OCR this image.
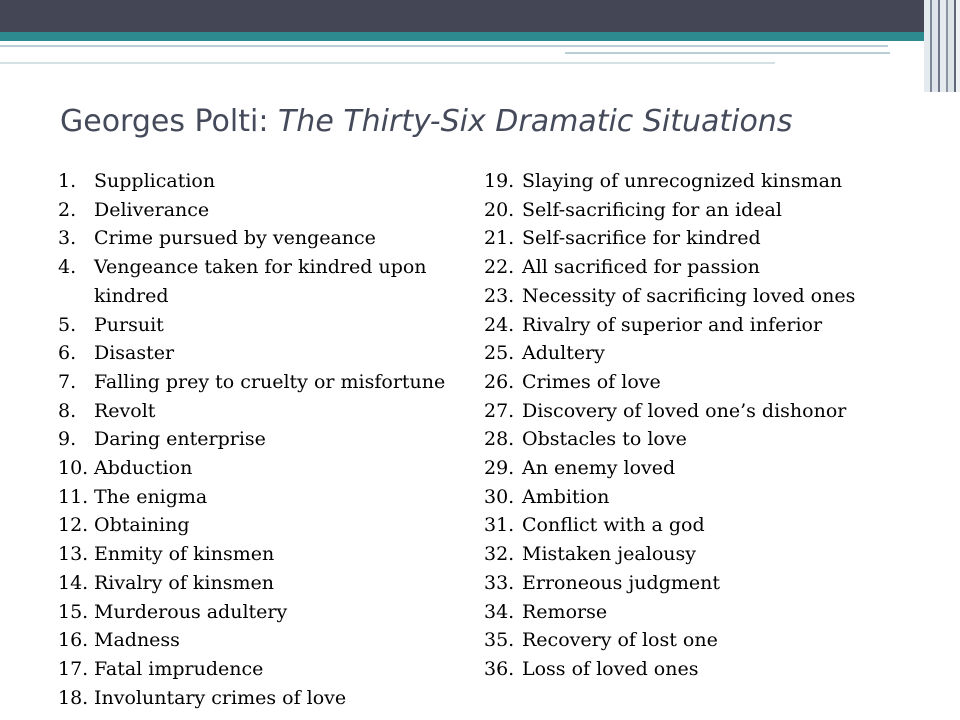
Georges Polti: The Thirty-Six Dramatic Situations
1. Supplication
2. Deliverance
3. Crime pursued by vengeance
4. Vengeance taken for kindred upon kindred
5. Pursuit
6. Disaster
7. Falling prey to cruelty or misfortune
8. Revolt
9. Daring enterprise
10. Abduction
11. The enigma
12. Obtaining
13. Enmity of kinsmen
14. Rivalry of kinsmen
15. Murderous adultery
16. Madness
17. Fatal imprudence
18. Involuntary crimes of love
19. Slaying of unrecognized kinsman
20. Self-sacrificing for an ideal
21. Self-sacrifice for kindred
22. All sacrificed for passion
23. Necessity of sacrificing loved ones
24. Rivalry of superior and inferior
25. Adultery
26. Crimes of love
27. Discovery of loved one’s dishonor
28. Obstacles to love
29. An enemy loved
30. Ambition
31. Conflict with a god
32. Mistaken jealousy
33. Erroneous judgment
34. Remorse
35. Recovery of lost one
36. Loss of loved ones
